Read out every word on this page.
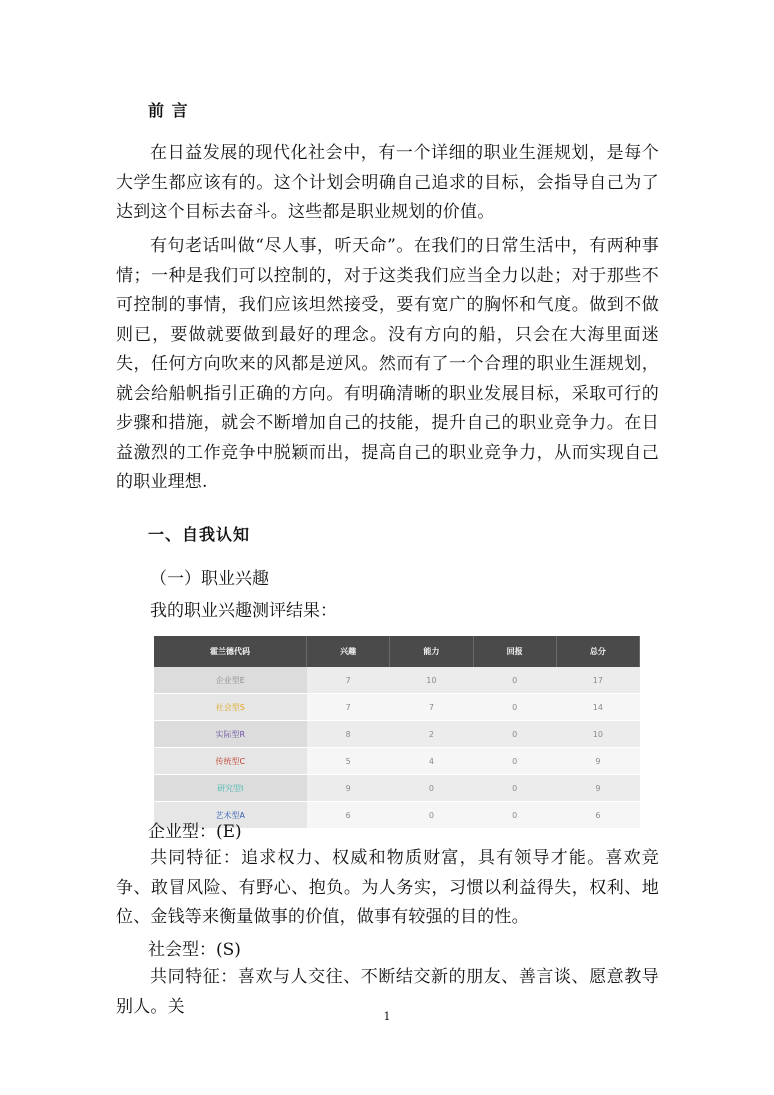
前 言

在日益发展的现代化社会中，有一个详细的职业生涯规划，是每个大学生都应该有的。这个计划会明确自己追求的目标，会指导自己为了达到这个目标去奋斗。这些都是职业规划的价值。

有句老话叫做“尽人事，听天命”。在我们的日常生活中，有两种事情；一种是我们可以控制的，对于这类我们应当全力以赴；对于那些不可控制的事情，我们应该坦然接受，要有宽广的胸怀和气度。做到不做则已，要做就要做到最好的理念。没有方向的船，只会在大海里面迷失，任何方向吹来的风都是逆风。然而有了一个合理的职业生涯规划，就会给船帆指引正确的方向。有明确清晰的职业发展目标，采取可行的步骤和措施，就会不断增加自己的技能，提升自己的职业竞争力。在日益激烈的工作竞争中脱颖而出，提高自己的职业竞争力，从而实现自己的职业理想.

一、自我认知

（一）职业兴趣

我的职业兴趣测评结果：

霍兰德代码	兴趣	能力	回报	总分
企业型E	7	10	0	17
社会型S	7	7	0	14
实际型R	8	2	0	10
传统型C	5	4	0	9
研究型I	9	0	0	9
艺术型A	6	0	0	6

企业型：(E)

共同特征：追求权力、权威和物质财富，具有领导才能。喜欢竞争、敢冒风险、有野心、抱负。为人务实，习惯以利益得失，权利、地位、金钱等来衡量做事的价值，做事有较强的目的性。

社会型：(S)

共同特征：喜欢与人交往、不断结交新的朋友、善言谈、愿意教导别人。关	1
